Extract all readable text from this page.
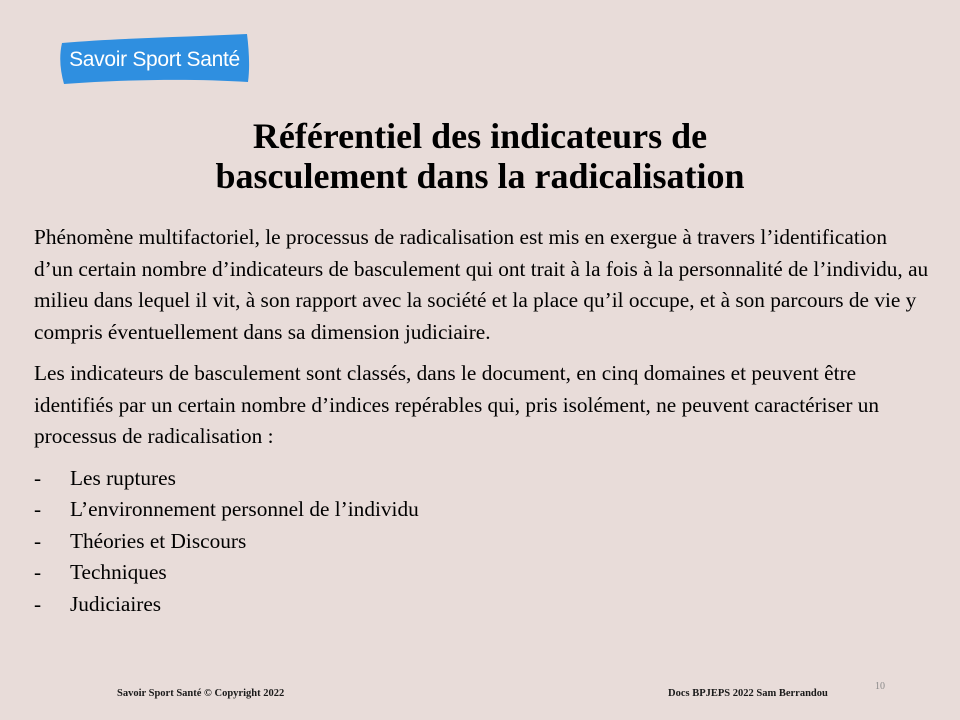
Savoir Sport Santé
Référentiel des indicateurs de
basculement dans la radicalisation

Phénomène multifactoriel, le processus de radicalisation est mis en exergue à travers l’identification d’un certain nombre d’indicateurs de basculement qui ont trait à la fois à la personnalité de l’individu, au milieu dans lequel il vit, à son rapport avec la société et la place qu’il occupe, et à son parcours de vie y compris éventuellement dans sa dimension judiciaire.

Les indicateurs de basculement sont classés, dans le document, en cinq domaines et peuvent être identifiés par un certain nombre d’indices repérables qui, pris isolément, ne peuvent caractériser un processus de radicalisation :

- Les ruptures
- L’environnement personnel de l’individu
- Théories et Discours
- Techniques
- Judiciaires
Savoir Sport Santé © Copyright 2022	Docs BPJEPS 2022 Sam Berrandou
10
